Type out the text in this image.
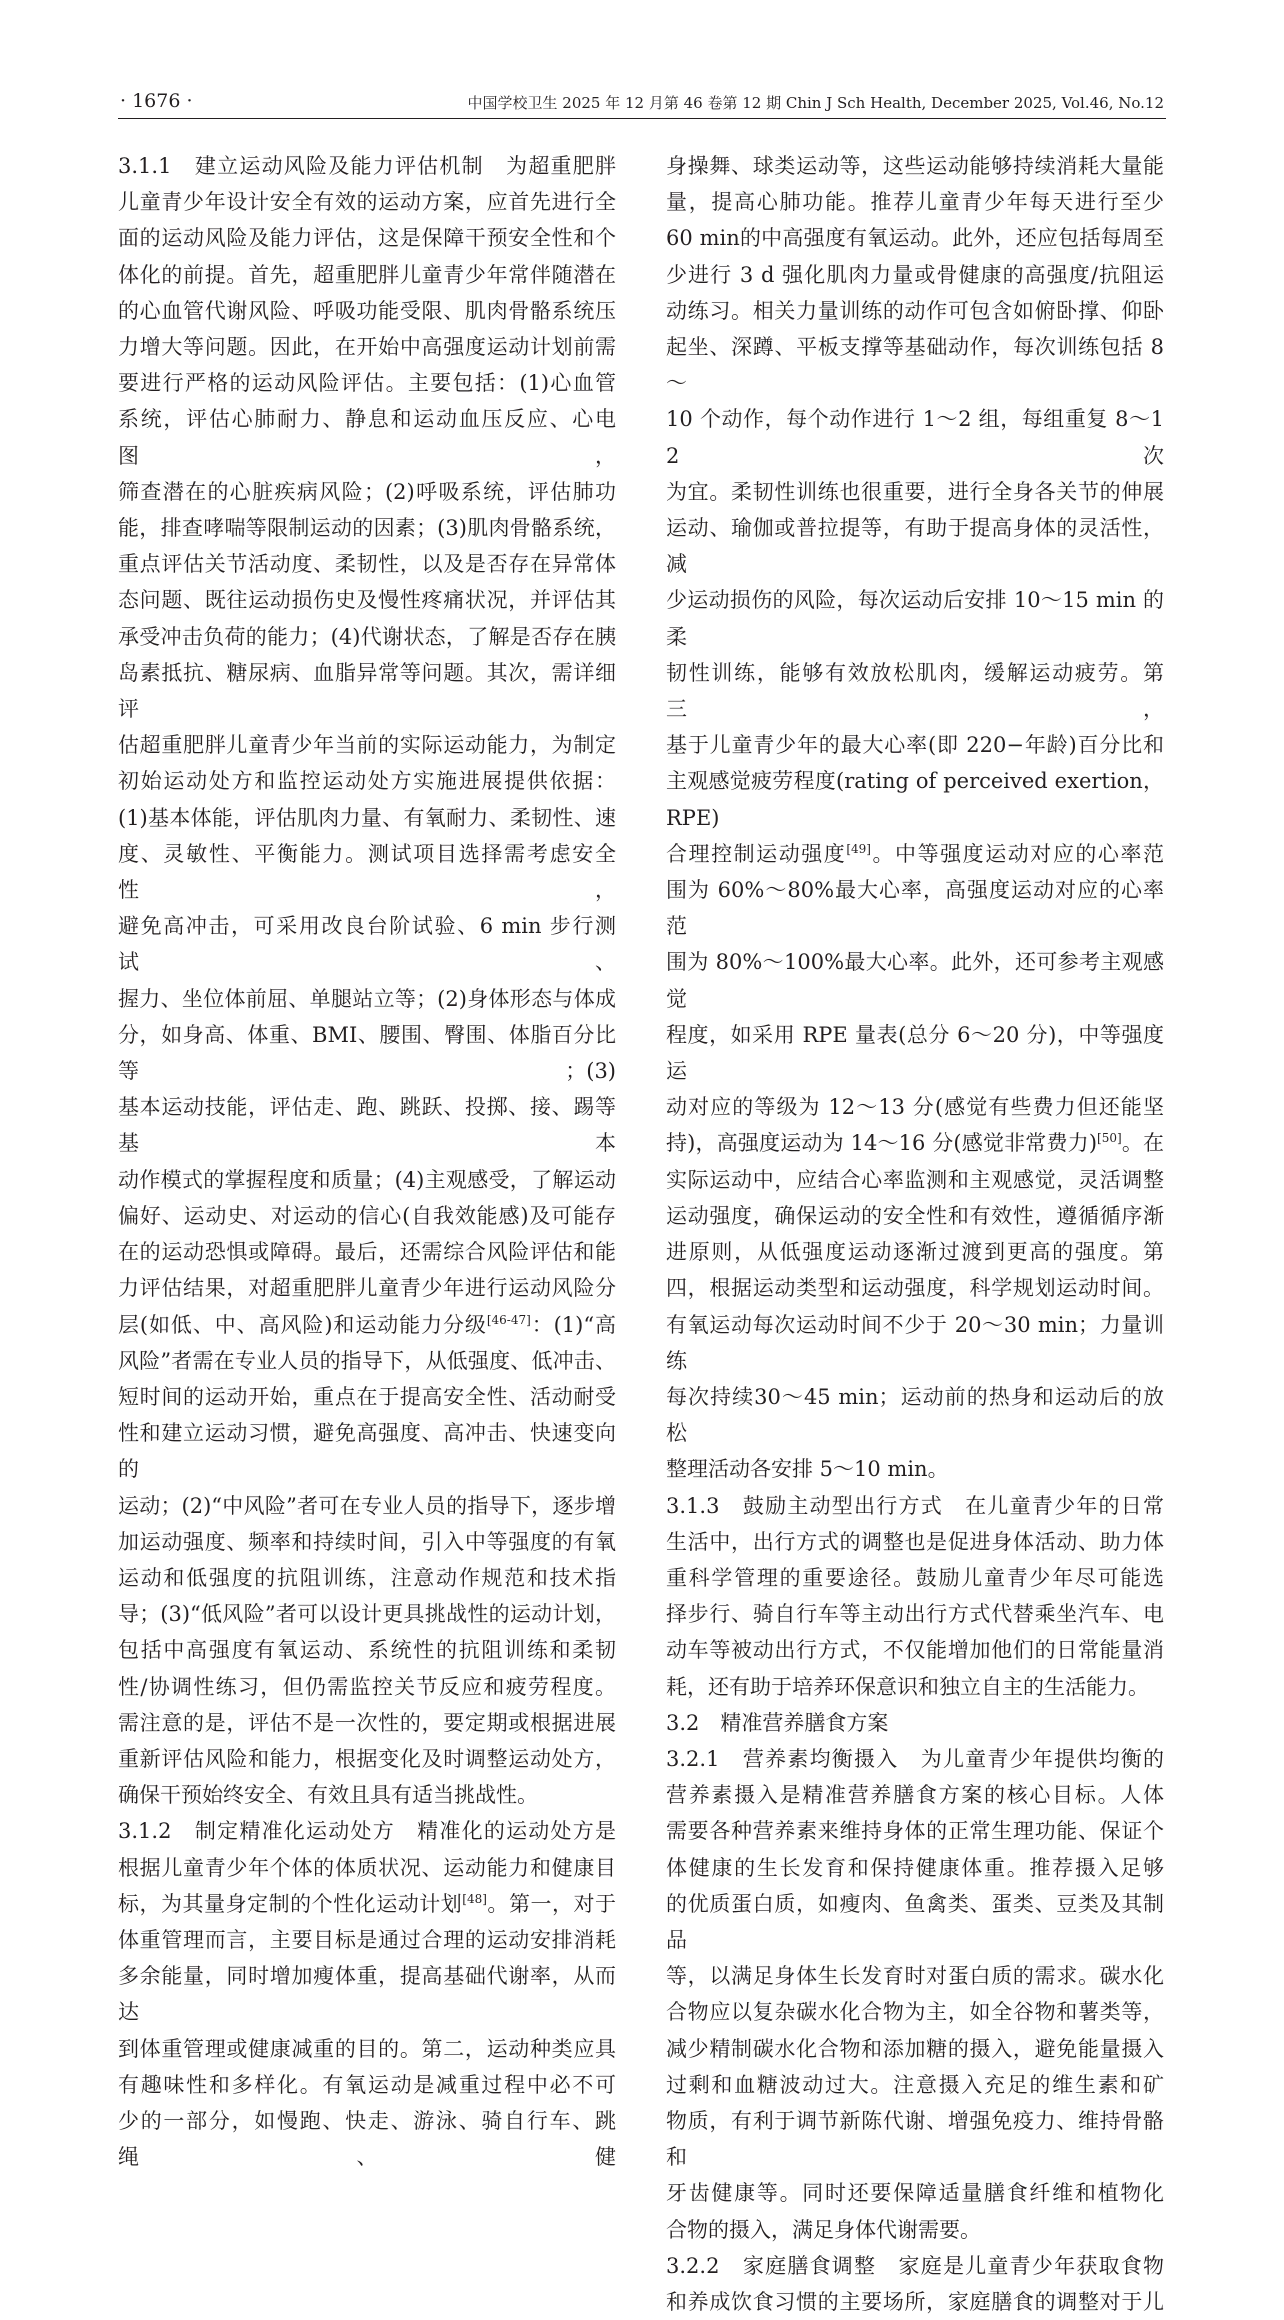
· 1676 ·	中国学校卫生 2025 年 12 月第 46 卷第 12 期 Chin J Sch Health, December 2025, Vol.46, No.12

3.1.1　建立运动风险及能力评估机制　为超重肥胖

儿童青少年设计安全有效的运动方案，应首先进行全

面的运动风险及能力评估，这是保障干预安全性和个

体化的前提。首先，超重肥胖儿童青少年常伴随潜在

的心血管代谢风险、呼吸功能受限、肌肉骨骼系统压

力增大等问题。因此，在开始中高强度运动计划前需

要进行严格的运动风险评估。主要包括：(1)心血管

系统，评估心肺耐力、静息和运动血压反应、心电图，

筛查潜在的心脏疾病风险；(2)呼吸系统，评估肺功

能，排查哮喘等限制运动的因素；(3)肌肉骨骼系统，

重点评估关节活动度、柔韧性，以及是否存在异常体

态问题、既往运动损伤史及慢性疼痛状况，并评估其

承受冲击负荷的能力；(4)代谢状态，了解是否存在胰

岛素抵抗、糖尿病、血脂异常等问题。其次，需详细评

估超重肥胖儿童青少年当前的实际运动能力，为制定

初始运动处方和监控运动处方实施进展提供依据：

(1)基本体能，评估肌肉力量、有氧耐力、柔韧性、速

度、灵敏性、平衡能力。测试项目选择需考虑安全性，

避免高冲击，可采用改良台阶试验、6 min 步行测试、

握力、坐位体前屈、单腿站立等；(2)身体形态与体成

分，如身高、体重、BMI、腰围、臀围、体脂百分比等；(3)

基本运动技能，评估走、跑、跳跃、投掷、接、踢等基本

动作模式的掌握程度和质量；(4)主观感受，了解运动

偏好、运动史、对运动的信心(自我效能感)及可能存

在的运动恐惧或障碍。最后，还需综合风险评估和能

力评估结果，对超重肥胖儿童青少年进行运动风险分

层(如低、中、高风险)和运动能力分级[46-47]：(1)“高

风险”者需在专业人员的指导下，从低强度、低冲击、

短时间的运动开始，重点在于提高安全性、活动耐受

性和建立运动习惯，避免高强度、高冲击、快速变向的

运动；(2)“中风险”者可在专业人员的指导下，逐步增

加运动强度、频率和持续时间，引入中等强度的有氧

运动和低强度的抗阻训练，注意动作规范和技术指

导；(3)“低风险”者可以设计更具挑战性的运动计划，

包括中高强度有氧运动、系统性的抗阻训练和柔韧

性/协调性练习，但仍需监控关节反应和疲劳程度。

需注意的是，评估不是一次性的，要定期或根据进展

重新评估风险和能力，根据变化及时调整运动处方，

确保干预始终安全、有效且具有适当挑战性。

3.1.2　制定精准化运动处方　精准化的运动处方是

根据儿童青少年个体的体质状况、运动能力和健康目

标，为其量身定制的个性化运动计划[48]。第一，对于

体重管理而言，主要目标是通过合理的运动安排消耗

多余能量，同时增加瘦体重，提高基础代谢率，从而达

到体重管理或健康减重的目的。第二，运动种类应具

有趣味性和多样化。有氧运动是减重过程中必不可

少的一部分，如慢跑、快走、游泳、骑自行车、跳绳、健

身操舞、球类运动等，这些运动能够持续消耗大量能

量，提高心肺功能。推荐儿童青少年每天进行至少

60 min的中高强度有氧运动。此外，还应包括每周至

少进行 3 d 强化肌肉力量或骨健康的高强度/抗阻运

动练习。相关力量训练的动作可包含如俯卧撑、仰卧

起坐、深蹲、平板支撑等基础动作，每次训练包括 8～

10 个动作，每个动作进行 1～2 组，每组重复 8～12 次

为宜。柔韧性训练也很重要，进行全身各关节的伸展

运动、瑜伽或普拉提等，有助于提高身体的灵活性，减

少运动损伤的风险，每次运动后安排 10～15 min 的柔

韧性训练，能够有效放松肌肉，缓解运动疲劳。第三，

基于儿童青少年的最大心率(即 220−年龄)百分比和

主观感觉疲劳程度(rating of perceived exertion，RPE)

合理控制运动强度[49]。中等强度运动对应的心率范

围为 60%～80%最大心率，高强度运动对应的心率范

围为 80%～100%最大心率。此外，还可参考主观感觉

程度，如采用 RPE 量表(总分 6～20 分)，中等强度运

动对应的等级为 12～13 分(感觉有些费力但还能坚

持)，高强度运动为 14～16 分(感觉非常费力)[50]。在

实际运动中，应结合心率监测和主观感觉，灵活调整

运动强度，确保运动的安全性和有效性，遵循循序渐

进原则，从低强度运动逐渐过渡到更高的强度。第

四，根据运动类型和运动强度，科学规划运动时间。

有氧运动每次运动时间不少于 20～30 min；力量训练

每次持续30～45 min；运动前的热身和运动后的放松

整理活动各安排 5～10 min。

3.1.3　鼓励主动型出行方式　在儿童青少年的日常

生活中，出行方式的调整也是促进身体活动、助力体

重科学管理的重要途径。鼓励儿童青少年尽可能选

择步行、骑自行车等主动出行方式代替乘坐汽车、电

动车等被动出行方式，不仅能增加他们的日常能量消

耗，还有助于培养环保意识和独立自主的生活能力。

3.2　精准营养膳食方案

3.2.1　营养素均衡摄入　为儿童青少年提供均衡的

营养素摄入是精准营养膳食方案的核心目标。人体

需要各种营养素来维持身体的正常生理功能、保证个

体健康的生长发育和保持健康体重。推荐摄入足够

的优质蛋白质，如瘦肉、鱼禽类、蛋类、豆类及其制品

等，以满足身体生长发育时对蛋白质的需求。碳水化

合物应以复杂碳水化合物为主，如全谷物和薯类等，

减少精制碳水化合物和添加糖的摄入，避免能量摄入

过剩和血糖波动过大。注意摄入充足的维生素和矿

物质，有利于调节新陈代谢、增强免疫力、维持骨骼和

牙齿健康等。同时还要保障适量膳食纤维和植物化

合物的摄入，满足身体代谢需要。

3.2.2　家庭膳食调整　家庭是儿童青少年获取食物

和养成饮食习惯的主要场所，家庭膳食的调整对于儿
